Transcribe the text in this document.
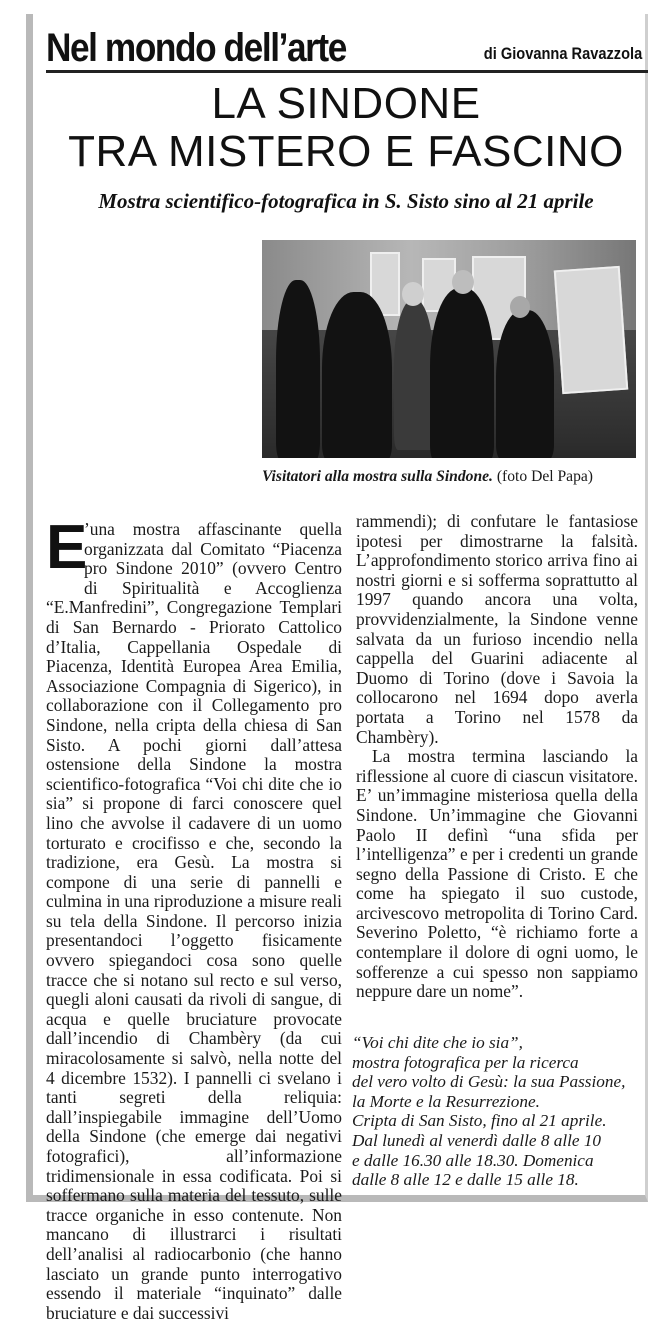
Nel mondo dell’arte	di Giovanna Ravazzola
LA SINDONE
TRA MISTERO E FASCINO
Mostra scientifico-fotografica in S. Sisto sino al 21 aprile
Visitatori alla mostra sulla Sindone. (foto Del Papa)
E

’una mostra affascinante quella organizzata dal Comitato “Piacenza pro Sindone 2010” (ovvero Centro di Spiritualità e Accoglienza “E.Manfredini”, Congregazione Templari di San Bernardo - Priorato Cattolico d’Italia, Cappellania Ospedale di Piacenza, Identità Europea Area Emilia, Associazione Compagnia di Sigerico), in collaborazione con il Collegamento pro Sindone, nella cripta della chiesa di San Sisto. A pochi giorni dall’attesa ostensione della Sindone la mostra scientifico-fotografica “Voi chi dite che io sia” si propone di farci conoscere quel lino che avvolse il cadavere di un uomo torturato e crocifisso e che, secondo la tradizione, era Gesù. La mostra si compone di una serie di pannelli e culmina in una riproduzione a misure reali su tela della Sindone. Il percorso inizia presentandoci l’oggetto fisicamente ovvero spiegandoci cosa sono quelle tracce che si notano sul recto e sul verso, quegli aloni causati da rivoli di sangue, di acqua e quelle bruciature provocate dall’incendio di Chambèry (da cui miracolosamente si salvò, nella notte del 4 dicembre 1532). I pannelli ci svelano i tanti segreti della reliquia: dall’inspiegabile immagine dell’Uomo della Sindone (che emerge dai negativi fotografici), all’informazione tridimensionale in essa codificata. Poi si soffermano sulla materia del tessuto, sulle tracce organiche in esso contenute. Non mancano di illustrarci i risultati dell’analisi al radiocarbonio (che hanno lasciato un grande punto interrogativo essendo il materiale “inquinato” dalle bruciature e dai successivi

rammendi); di confutare le fantasiose ipotesi per dimostrarne la falsità. L’approfondimento storico arriva fino ai nostri giorni e si sofferma soprattutto al 1997 quando ancora una volta, provvidenzialmente, la Sindone venne salvata da un furioso incendio nella cappella del Guarini adiacente al Duomo di Torino (dove i Savoia la collocarono nel 1694 dopo averla portata a Torino nel 1578 da Chambèry).

La mostra termina lasciando la riflessione al cuore di ciascun visitatore. E’ un’immagine misteriosa quella della Sindone. Un’immagine che Giovanni Paolo II definì “una sfida per l’intelligenza” e per i credenti un grande segno della Passione di Cristo. E che come ha spiegato il suo custode, arcivescovo metropolita di Torino Card. Severino Poletto, “è richiamo forte a contemplare il dolore di ogni uomo, le sofferenze a cui spesso non sappiamo neppure dare un nome”.

“Voi chi dite che io sia”,
mostra fotografica per la ricerca
del vero volto di Gesù: la sua Passione,
la Morte e la Resurrezione.
Cripta di San Sisto, fino al 21 aprile.
Dal lunedì al venerdì dalle 8 alle 10
e dalle 16.30 alle 18.30. Domenica
dalle 8 alle 12 e dalle 15 alle 18.
